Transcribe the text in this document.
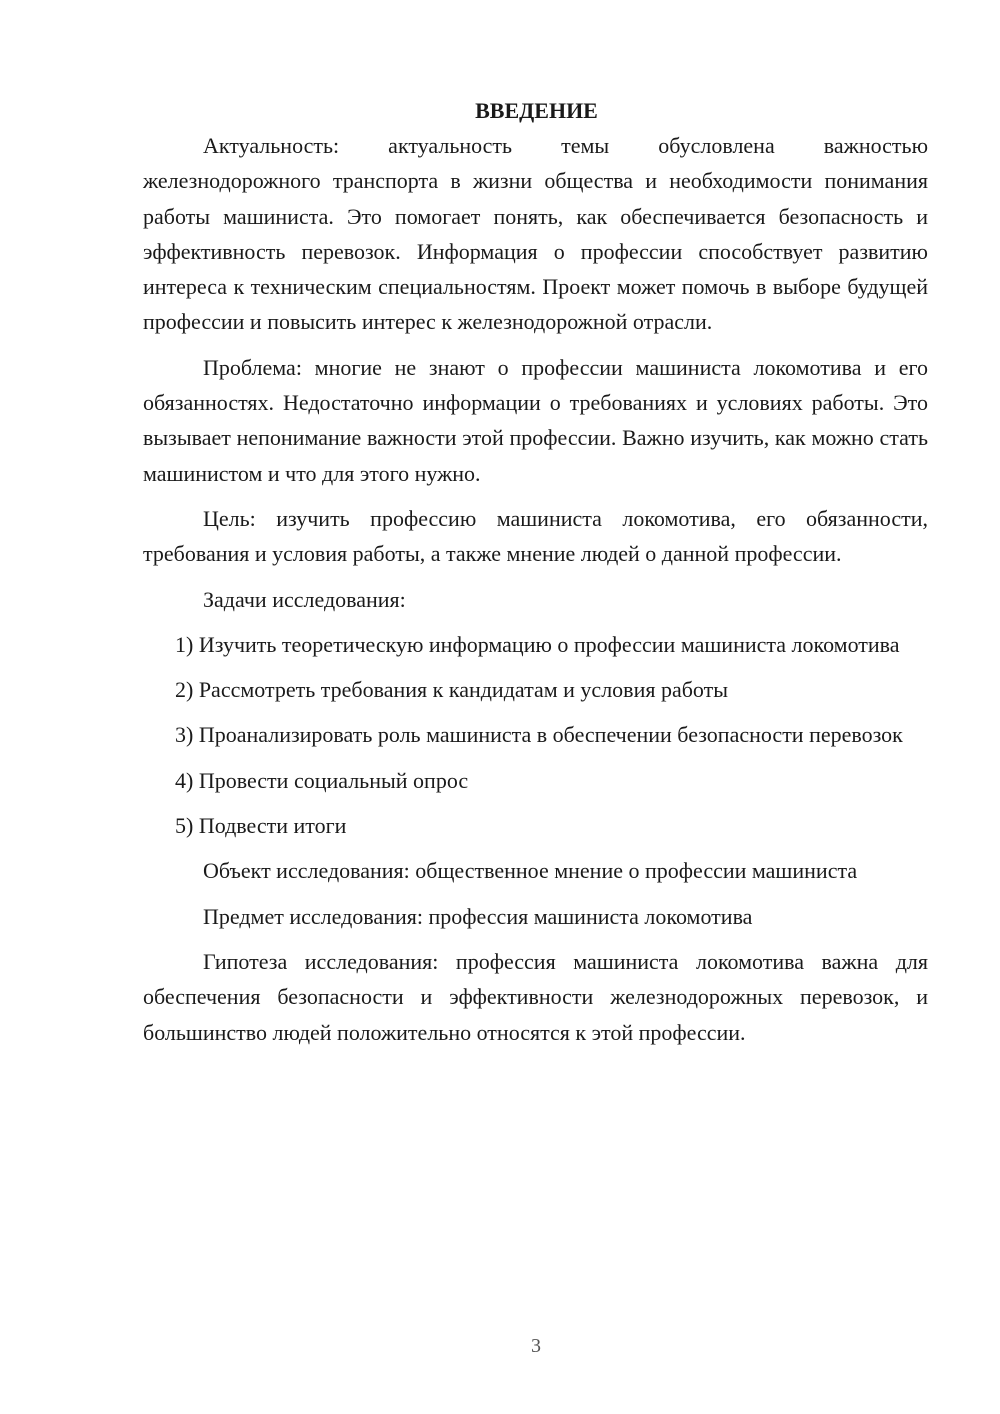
ВВЕДЕНИЕ

Актуальность: актуальность темы обусловлена важностью железнодорожного транспорта в жизни общества и необходимости понимания работы машиниста. Это помогает понять, как обеспечивается безопасность и эффективность перевозок. Информация о профессии способствует развитию интереса к техническим специальностям. Проект может помочь в выборе будущей профессии и повысить интерес к железнодорожной отрасли.

Проблема: многие не знают о профессии машиниста локомотива и его обязанностях. Недостаточно информации о требованиях и условиях работы. Это вызывает непонимание важности этой профессии. Важно изучить, как можно стать машинистом и что для этого нужно.

Цель: изучить профессию машиниста локомотива, его обязанности, требования и условия работы, а также мнение людей о данной профессии.

Задачи исследования:

1) Изучить теоретическую информацию о профессии машиниста локомотива

2) Рассмотреть требования к кандидатам и условия работы

3) Проанализировать роль машиниста в обеспечении безопасности перевозок

4) Провести социальный опрос

5) Подвести итоги

Объект исследования: общественное мнение о профессии машиниста

Предмет исследования: профессия машиниста локомотива

Гипотеза исследования: профессия машиниста локомотива важна для обеспечения безопасности и эффективности железнодорожных перевозок, и большинство людей положительно относятся к этой профессии.

3
